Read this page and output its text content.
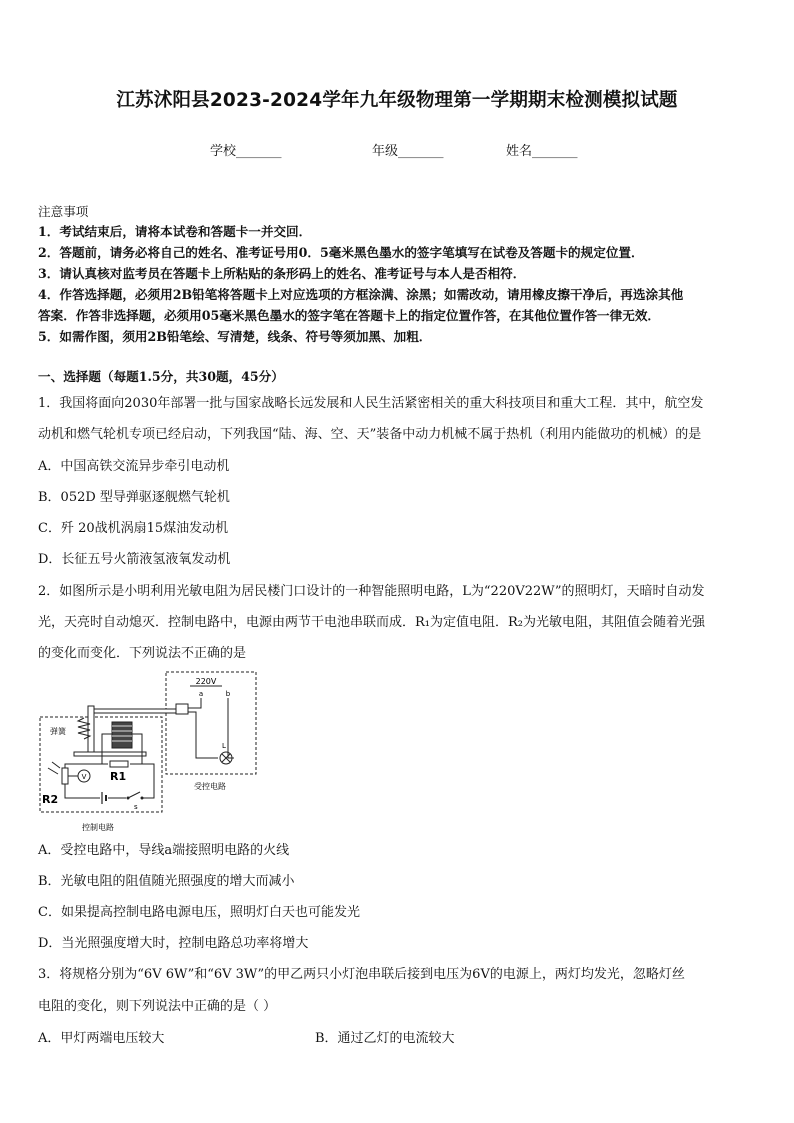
江苏沭阳县2023-2024学年九年级物理第一学期期末检测模拟试题
学校_______	年级_______	姓名_______
注意事项
1．考试结束后，请将本试卷和答题卡一并交回．
2．答题前，请务必将自己的姓名、准考证号用0．5毫米黑色墨水的签字笔填写在试卷及答题卡的规定位置．
3．请认真核对监考员在答题卡上所粘贴的条形码上的姓名、准考证号与本人是否相符．
4．作答选择题，必须用2B铅笔将答题卡上对应选项的方框涂满、涂黑；如需改动，请用橡皮擦干净后，再选涂其他
答案．作答非选择题，必须用05毫米黑色墨水的签字笔在答题卡上的指定位置作答，在其他位置作答一律无效．
5．如需作图，须用2B铅笔绘、写清楚，线条、符号等须加黑、加粗．
一、选择题（每题1.5分，共30题，45分）
1．我国将面向2030年部署一批与国家战略长远发展和人民生活紧密相关的重大科技项目和重大工程．其中，航空发
动机和燃气轮机专项已经启动，下列我国“陆、海、空、天”装备中动力机械不属于热机（利用内能做功的机械）的是
A．中国高铁交流异步牵引电动机
B．052D 型导弹驱逐舰燃气轮机
C．歼 20战机涡扇15煤油发动机
D．长征五号火箭液氢液氧发动机
2．如图所示是小明利用光敏电阻为居民楼门口设计的一种智能照明电路，L为“220V22W”的照明灯，天暗时自动发
光，天亮时自动熄灭．控制电路中，电源由两节干电池串联而成．R₁为定值电阻．R₂为光敏电阻，其阻值会随着光强
的变化而变化．下列说法不正确的是
220V
a	b
L
受控电路
弹簧
R1
V
R2
s
控制电路
A．受控电路中，导线a端接照明电路的火线
B．光敏电阻的阻值随光照强度的增大而减小
C．如果提高控制电路电源电压，照明灯白天也可能发光
D．当光照强度增大时，控制电路总功率将增大
3．将规格分别为“6V 6W”和“6V 3W”的甲乙两只小灯泡串联后接到电压为6V的电源上，两灯均发光，忽略灯丝
电阻的变化，则下列说法中正确的是（ ）
A．甲灯两端电压较大	B．通过乙灯的电流较大
